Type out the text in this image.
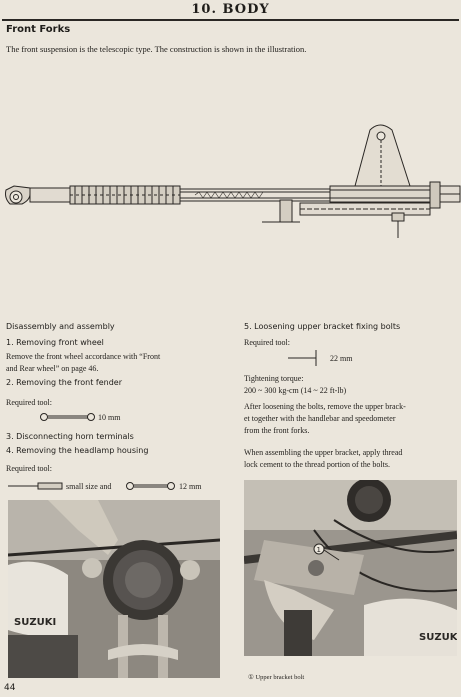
10. BODY
Front Forks
The front suspension is the telescopic type. The construction is shown in the illustration.
Disassembly and assembly
1. Removing front wheel
Remove the front wheel accordance with “Front
and Rear wheel” on page 46.
2. Removing the front fender
Required tool:
10 mm
3. Disconnecting horn terminals
4. Removing the headlamp housing
Required tool:
small size and	12 mm
5. Loosening upper bracket fixing bolts
Required tool:
22 mm
Tightening torque:
200 ~ 300 kg-cm (14 ~ 22 ft-lb)
After loosening the bolts, remove the upper brack-
et together with the handlebar and speedometer
from the front forks.
When assembling the upper bracket, apply thread
lock cement to the thread portion of the bolts.
SUZUKI
SUZUK
1
① Upper bracket bolt
44
